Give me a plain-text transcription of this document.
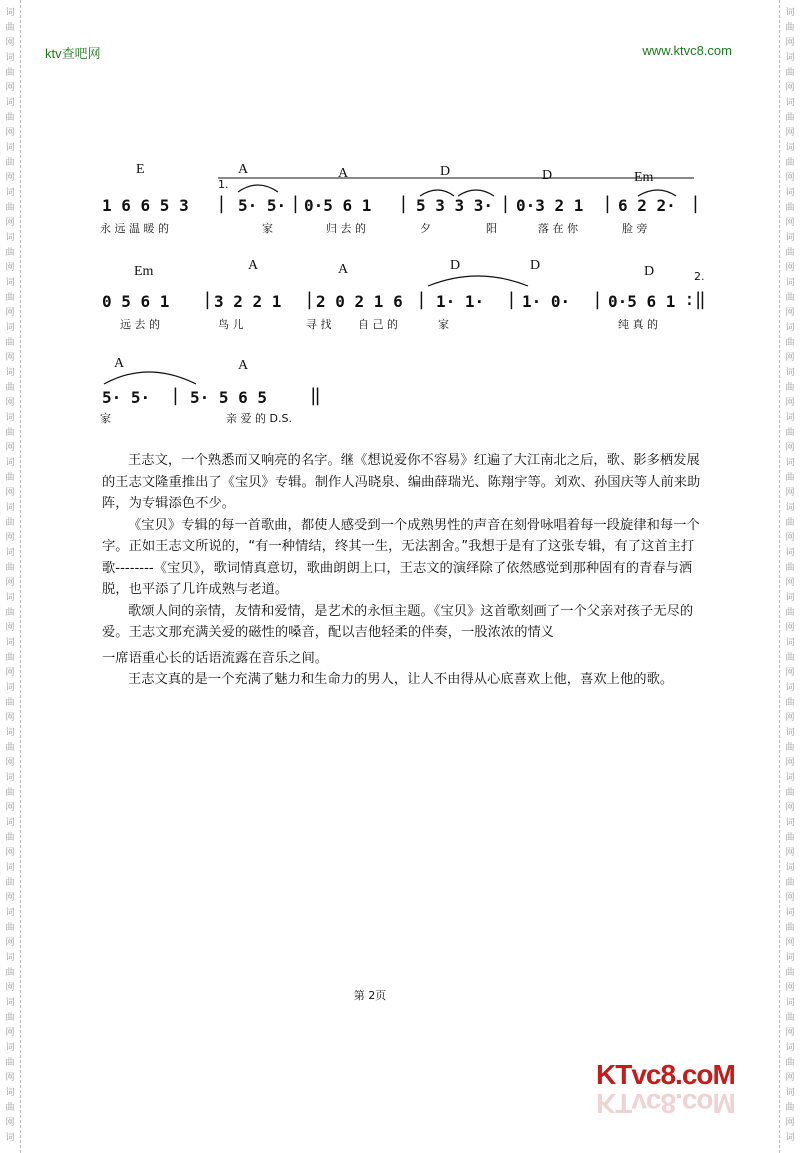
词
曲
网
词
曲
网
词
曲
网
词
曲
网
词
曲
网
词
曲
网
词
曲
网
词
曲
网
词
曲
网
词
曲
网
词
曲
网
词
曲
网
词
曲
网
词
曲
网
词
曲
网
词
曲
网
词
曲
网
词
曲
网
词
曲
网
词
曲
网
词
曲
网
词
曲
网
词
曲
网
词
曲
网
词
曲
网
词
词
曲
网
词
曲
网
词
曲
网
词
曲
网
词
曲
网
词
曲
网
词
曲
网
词
曲
网
词
曲
网
词
曲
网
词
曲
网
词
曲
网
词
曲
网
词
曲
网
词
曲
网
词
曲
网
词
曲
网
词
曲
网
词
曲
网
词
曲
网
词
曲
网
词
曲
网
词
曲
网
词
曲
网
词
曲
网
词
ktv查吧网	www.ktvc8.com
E
1.
A	A	D	D	Em
1 6 6 5 3 | 5· 5· | 0·5 6 1 | 5 3 3 3· | 0·3 2 1 | 6 2 2· |
永 远 温 暖 的	家	归 去 的	夕	阳	落 在 你	脸 旁
Em	A	A	D	D	D	2.
0 5 6 1 | 3 2 2 1 | 2 0 2 1 6 | 1· 1· | 1· 0· | 0·5 6 1 :‖
远 去 的	鸟 儿	寻 找 自 己 的	家	纯 真 的
A	A
5· 5· | 5· 5 6 5 ‖
家	亲 爱 的 D.S.

王志文，一个熟悉而又响亮的名字。继《想说爱你不容易》红遍了大江南北之后，歌、影多栖发展的王志文隆重推出了《宝贝》专辑。制作人冯晓泉、编曲薛瑞光、陈翔宇等。刘欢、孙国庆等人前来助阵，为专辑添色不少。

《宝贝》专辑的每一首歌曲，都使人感受到一个成熟男性的声音在刻骨咏唱着每一段旋律和每一个字。正如王志文所说的，“有一种情结，终其一生，无法割舍。”我想于是有了这张专辑，有了这首主打歌--------《宝贝》，歌词情真意切，歌曲朗朗上口，王志文的演绎除了依然感觉到那种固有的青春与洒脱，也平添了几许成熟与老道。

歌颂人间的亲情，友情和爱情，是艺术的永恒主题。《宝贝》这首歌刻画了一个父亲对孩子无尽的爱。王志文那充满关爱的磁性的嗓音，配以吉他轻柔的伴奏，一股浓浓的情义

一席语重心长的话语流露在音乐之间。

王志文真的是一个充满了魅力和生命力的男人，让人不由得从心底喜欢上他，喜欢上他的歌。

第 2页
KTvc8.coM
KTvc8.coM
